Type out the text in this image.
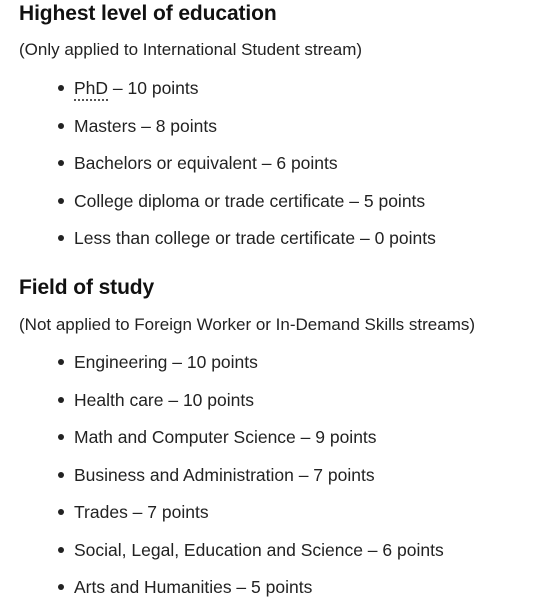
Highest level of education

(Only applied to International Student stream)

PhD – 10 points
Masters – 8 points
Bachelors or equivalent – 6 points
College diploma or trade certificate – 5 points
Less than college or trade certificate – 0 points
Field of study

(Not applied to Foreign Worker or In-Demand Skills streams)

Engineering – 10 points
Health care – 10 points
Math and Computer Science – 9 points
Business and Administration – 7 points
Trades – 7 points
Social, Legal, Education and Science – 6 points
Arts and Humanities – 5 points
